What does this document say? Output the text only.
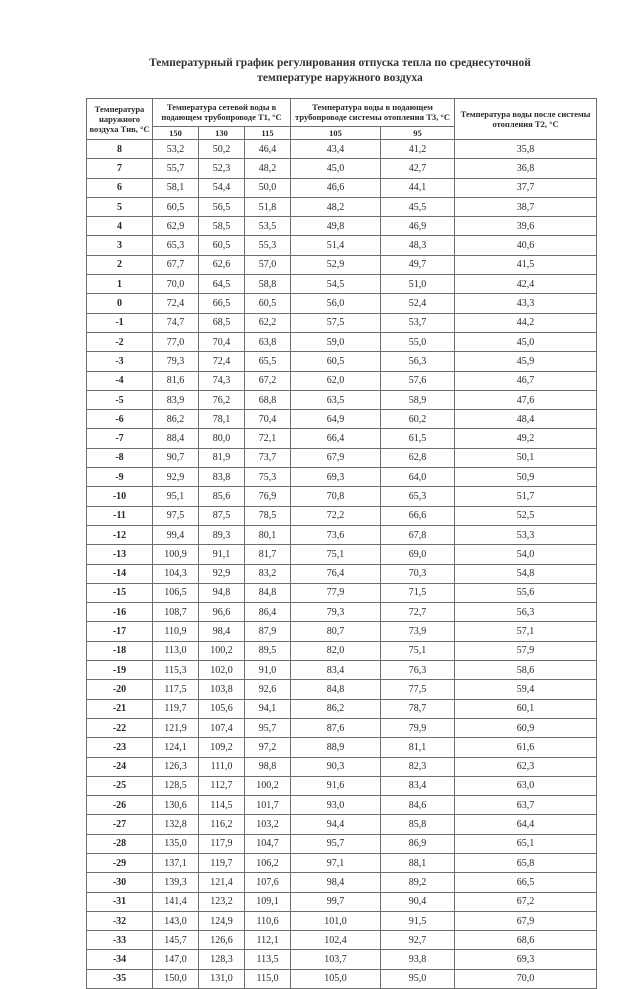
Температурный график регулирования отпуска тепла по среднесуточной
температуре наружного воздуха
Температура наружного воздуха Тнв, °С	Температура сетевой воды в подающем трубопроводе Т1, °С			Температура воды в подающем трубопроводе системы отопления Т3, °С		Температура воды после системы отопления Т2, °С
	150	130	115	105	95	
8	53,2	50,2	46,4	43,4	41,2	35,8
7	55,7	52,3	48,2	45,0	42,7	36,8
6	58,1	54,4	50,0	46,6	44,1	37,7
5	60,5	56,5	51,8	48,2	45,5	38,7
4	62,9	58,5	53,5	49,8	46,9	39,6
3	65,3	60,5	55,3	51,4	48,3	40,6
2	67,7	62,6	57,0	52,9	49,7	41,5
1	70,0	64,5	58,8	54,5	51,0	42,4
0	72,4	66,5	60,5	56,0	52,4	43,3
-1	74,7	68,5	62,2	57,5	53,7	44,2
-2	77,0	70,4	63,8	59,0	55,0	45,0
-3	79,3	72,4	65,5	60,5	56,3	45,9
-4	81,6	74,3	67,2	62,0	57,6	46,7
-5	83,9	76,2	68,8	63,5	58,9	47,6
-6	86,2	78,1	70,4	64,9	60,2	48,4
-7	88,4	80,0	72,1	66,4	61,5	49,2
-8	90,7	81,9	73,7	67,9	62,8	50,1
-9	92,9	83,8	75,3	69,3	64,0	50,9
-10	95,1	85,6	76,9	70,8	65,3	51,7
-11	97,5	87,5	78,5	72,2	66,6	52,5
-12	99,4	89,3	80,1	73,6	67,8	53,3
-13	100,9	91,1	81,7	75,1	69,0	54,0
-14	104,3	92,9	83,2	76,4	70,3	54,8
-15	106,5	94,8	84,8	77,9	71,5	55,6
-16	108,7	96,6	86,4	79,3	72,7	56,3
-17	110,9	98,4	87,9	80,7	73,9	57,1
-18	113,0	100,2	89,5	82,0	75,1	57,9
-19	115,3	102,0	91,0	83,4	76,3	58,6
-20	117,5	103,8	92,6	84,8	77,5	59,4
-21	119,7	105,6	94,1	86,2	78,7	60,1
-22	121,9	107,4	95,7	87,6	79,9	60,9
-23	124,1	109,2	97,2	88,9	81,1	61,6
-24	126,3	111,0	98,8	90,3	82,3	62,3
-25	128,5	112,7	100,2	91,6	83,4	63,0
-26	130,6	114,5	101,7	93,0	84,6	63,7
-27	132,8	116,2	103,2	94,4	85,8	64,4
-28	135,0	117,9	104,7	95,7	86,9	65,1
-29	137,1	119,7	106,2	97,1	88,1	65,8
-30	139,3	121,4	107,6	98,4	89,2	66,5
-31	141,4	123,2	109,1	99,7	90,4	67,2
-32	143,0	124,9	110,6	101,0	91,5	67,9
-33	145,7	126,6	112,1	102,4	92,7	68,6
-34	147,0	128,3	113,5	103,7	93,8	69,3
-35	150,0	131,0	115,0	105,0	95,0	70,0
